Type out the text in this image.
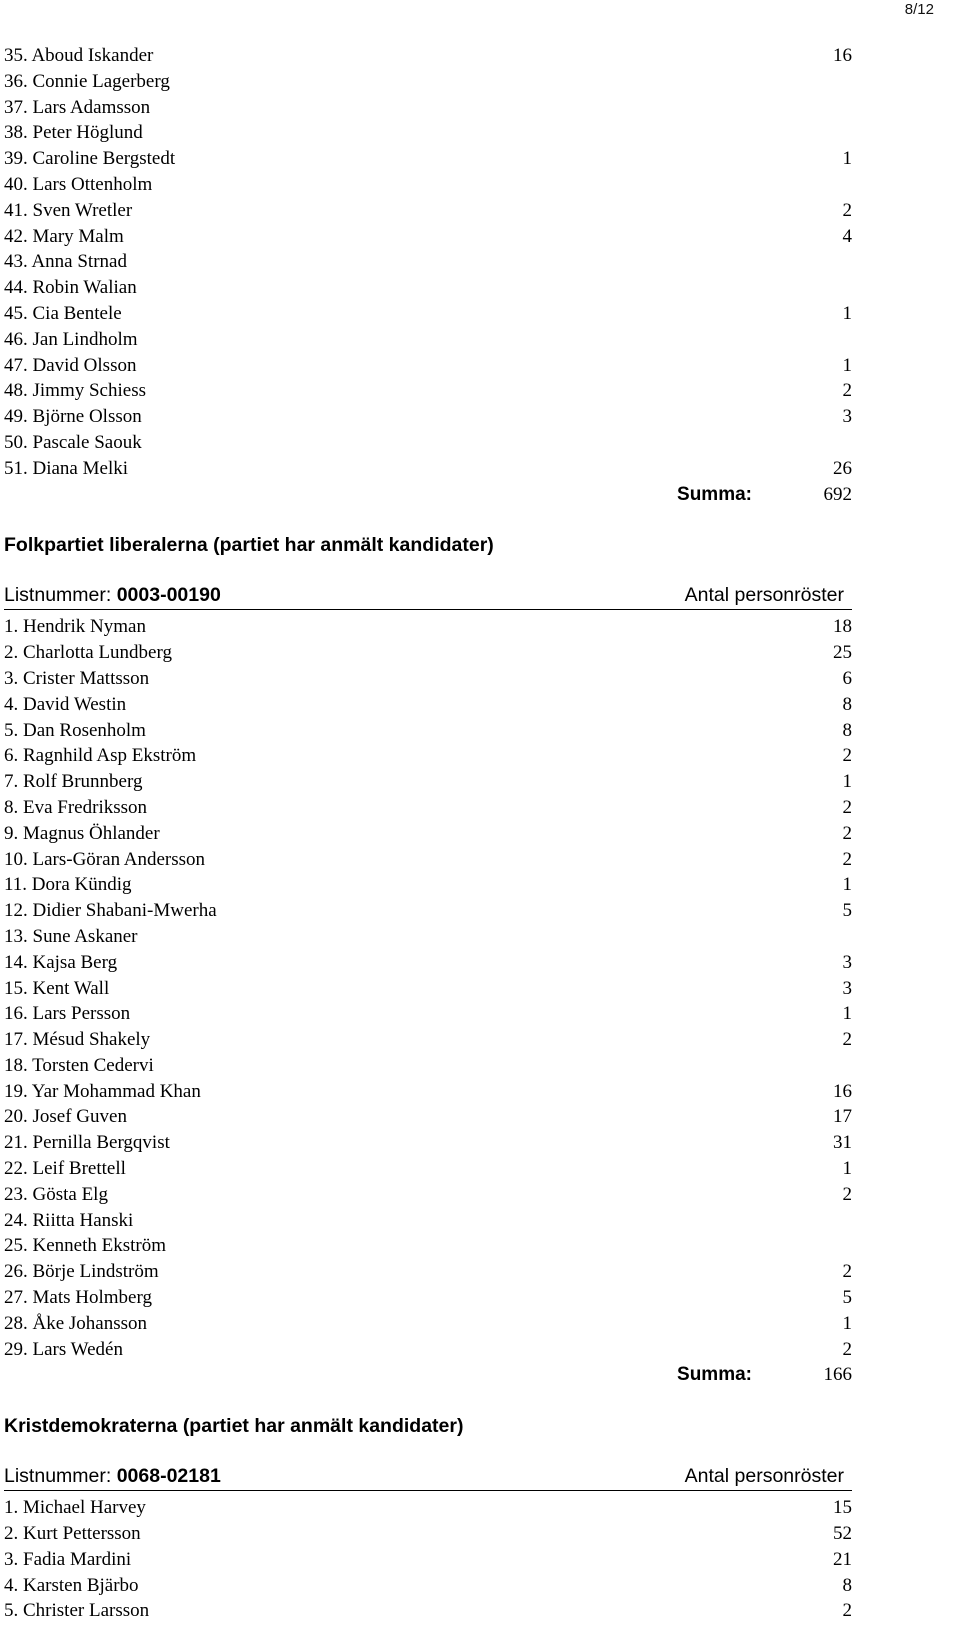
8/12
35. Aboud Iskander	16
36. Connie Lagerberg
37. Lars Adamsson
38. Peter Höglund
39. Caroline Bergstedt	1
40. Lars Ottenholm
41. Sven Wretler	2
42. Mary Malm	4
43. Anna Strnad
44. Robin Walian
45. Cia Bentele	1
46. Jan Lindholm
47. David Olsson	1
48. Jimmy Schiess	2
49. Björne Olsson	3
50. Pascale Saouk
51. Diana Melki	26
Summa:	692
Folkpartiet liberalerna (partiet har anmält kandidater)
Listnummer: 0003-00190	Antal personröster
1. Hendrik Nyman	18
2. Charlotta Lundberg	25
3. Crister Mattsson	6
4. David Westin	8
5. Dan Rosenholm	8
6. Ragnhild Asp Ekström	2
7. Rolf Brunnberg	1
8. Eva Fredriksson	2
9. Magnus Öhlander	2
10. Lars-Göran Andersson	2
11. Dora Kündig	1
12. Didier Shabani-Mwerha	5
13. Sune Askaner
14. Kajsa Berg	3
15. Kent Wall	3
16. Lars Persson	1
17. Mésud Shakely	2
18. Torsten Cedervi
19. Yar Mohammad Khan	16
20. Josef Guven	17
21. Pernilla Bergqvist	31
22. Leif Brettell	1
23. Gösta Elg	2
24. Riitta Hanski
25. Kenneth Ekström
26. Börje Lindström	2
27. Mats Holmberg	5
28. Åke Johansson	1
29. Lars Wedén	2
Summa:	166
Kristdemokraterna (partiet har anmält kandidater)
Listnummer: 0068-02181	Antal personröster
1. Michael Harvey	15
2. Kurt Pettersson	52
3. Fadia Mardini	21
4. Karsten Bjärbo	8
5. Christer Larsson	2
